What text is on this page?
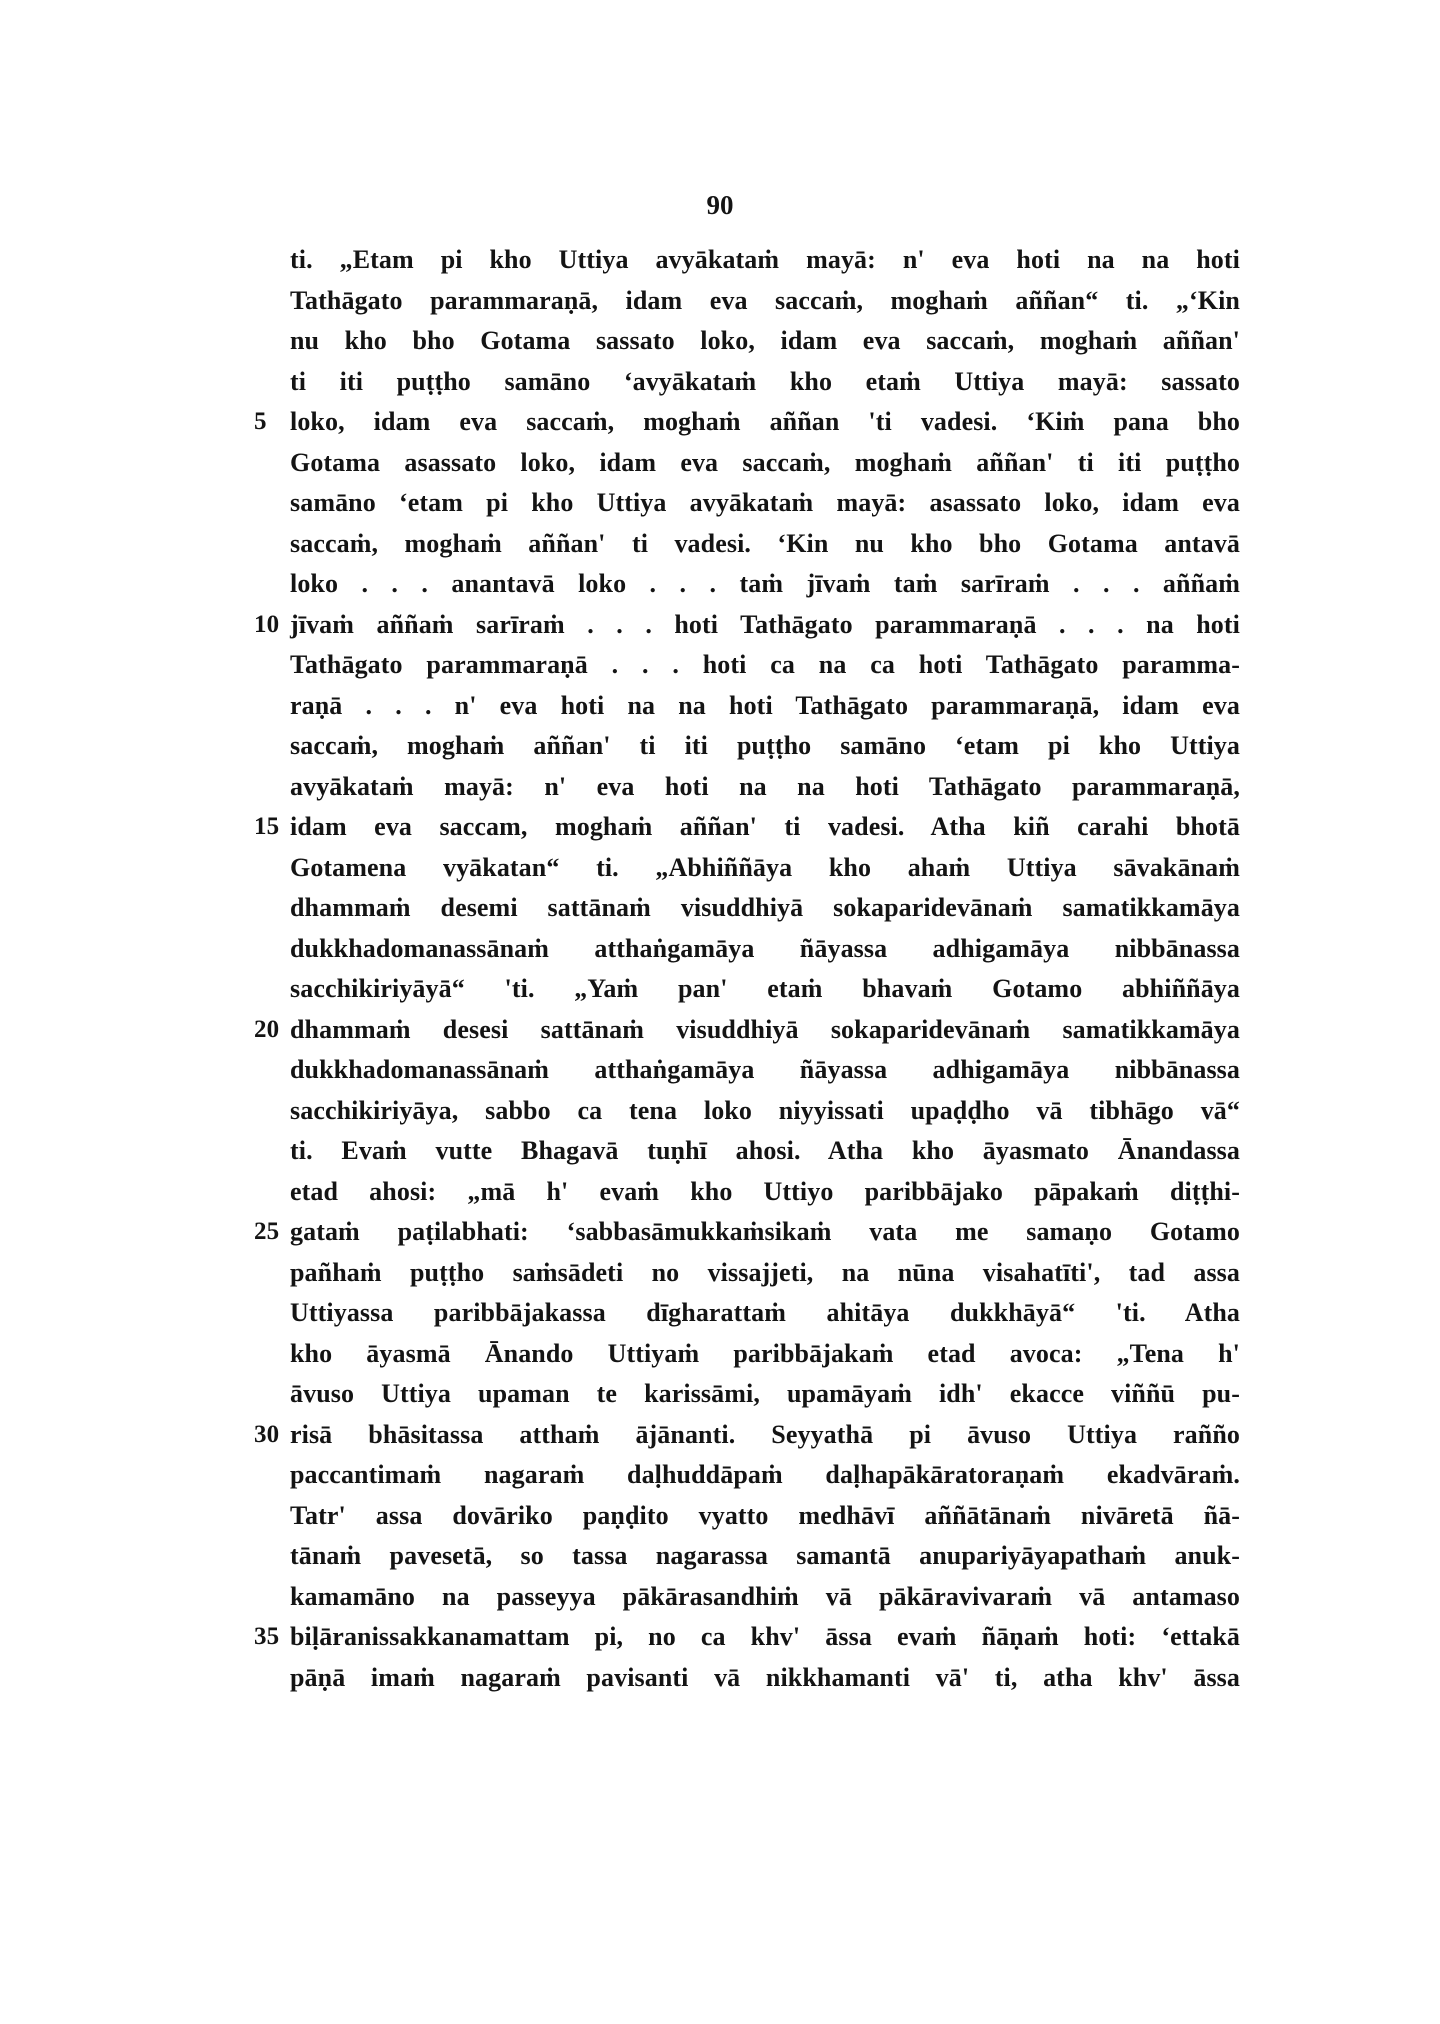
90
ti. „Etam pi kho Uttiya avyākataṁ mayā: n' eva hoti na na hoti
Tathāgato parammaraṇā, idam eva saccaṁ, moghaṁ aññan“ ti. „‘Kin
nu kho bho Gotama sassato loko, idam eva saccaṁ, moghaṁ aññan'
ti iti puṭṭho samāno ‘avyākataṁ kho etaṁ Uttiya mayā: sassato
5 loko, idam eva saccaṁ, moghaṁ aññan 'ti vadesi. ‘Kiṁ pana bho
Gotama asassato loko, idam eva saccaṁ, moghaṁ aññan' ti iti puṭṭho
samāno ‘etam pi kho Uttiya avyākataṁ mayā: asassato loko, idam eva
saccaṁ, moghaṁ aññan' ti vadesi. ‘Kin nu kho bho Gotama antavā
loko . . . anantavā loko . . . taṁ jīvaṁ taṁ sarīraṁ . . . aññaṁ
10 jīvaṁ aññaṁ sarīraṁ . . . hoti Tathāgato parammaraṇā . . . na hoti
Tathāgato parammaraṇā . . . hoti ca na ca hoti Tathāgato paramma-
raṇā . . . n' eva hoti na na hoti Tathāgato parammaraṇā, idam eva
saccaṁ, moghaṁ aññan' ti iti puṭṭho samāno ‘etam pi kho Uttiya
avyākataṁ mayā: n' eva hoti na na hoti Tathāgato parammaraṇā,
15 idam eva saccam, moghaṁ aññan' ti vadesi. Atha kiñ carahi bhotā
Gotamena vyākatan“ ti. „Abhiññāya kho ahaṁ Uttiya sāvakānaṁ
dhammaṁ desemi sattānaṁ visuddhiyā sokaparidevānaṁ samatikkamāya
dukkhadomanassānaṁ atthaṅgamāya ñāyassa adhigamāya nibbānassa
sacchikiriyāyā“ 'ti. „Yaṁ pan' etaṁ bhavaṁ Gotamo abhiññāya
20 dhammaṁ desesi sattānaṁ visuddhiyā sokaparidevānaṁ samatikkamāya
dukkhadomanassānaṁ atthaṅgamāya ñāyassa adhigamāya nibbānassa
sacchikiriyāya, sabbo ca tena loko niyyissati upaḍḍho vā tibhāgo vā“
ti. Evaṁ vutte Bhagavā tuṇhī ahosi. Atha kho āyasmato Ānandassa
etad ahosi: „mā h' evaṁ kho Uttiyo paribbājako pāpakaṁ diṭṭhi-
25 gataṁ paṭilabhati: ‘sabbasāmukkaṁsikaṁ vata me samaṇo Gotamo
pañhaṁ puṭṭho saṁsādeti no vissajjeti, na nūna visahatīti', tad assa
Uttiyassa paribbājakassa dīgharattaṁ ahitāya dukkhāyā“ 'ti. Atha
kho āyasmā Ānando Uttiyaṁ paribbājakaṁ etad avoca: „Tena h'
āvuso Uttiya upaman te karissāmi, upamāyaṁ idh' ekacce viññū pu-
30 risā bhāsitassa atthaṁ ājānanti. Seyyathā pi āvuso Uttiya rañño
paccantimaṁ nagaraṁ daḷhuddāpaṁ daḷhapākāratoraṇaṁ ekadvāraṁ.
Tatr' assa dovāriko paṇḍito vyatto medhāvī aññātānaṁ nivāretā ñā-
tānaṁ pavesetā, so tassa nagarassa samantā anupariyāyapathaṁ anuk-
kamamāno na passeyya pākārasandhiṁ vā pākāravivaraṁ vā antamaso
35 biḷāranissakkanamattam pi, no ca khv' āssa evaṁ ñāṇaṁ hoti: ‘ettakā
pāṇā imaṁ nagaraṁ pavisanti vā nikkhamanti vā' ti, atha khv' āssa
